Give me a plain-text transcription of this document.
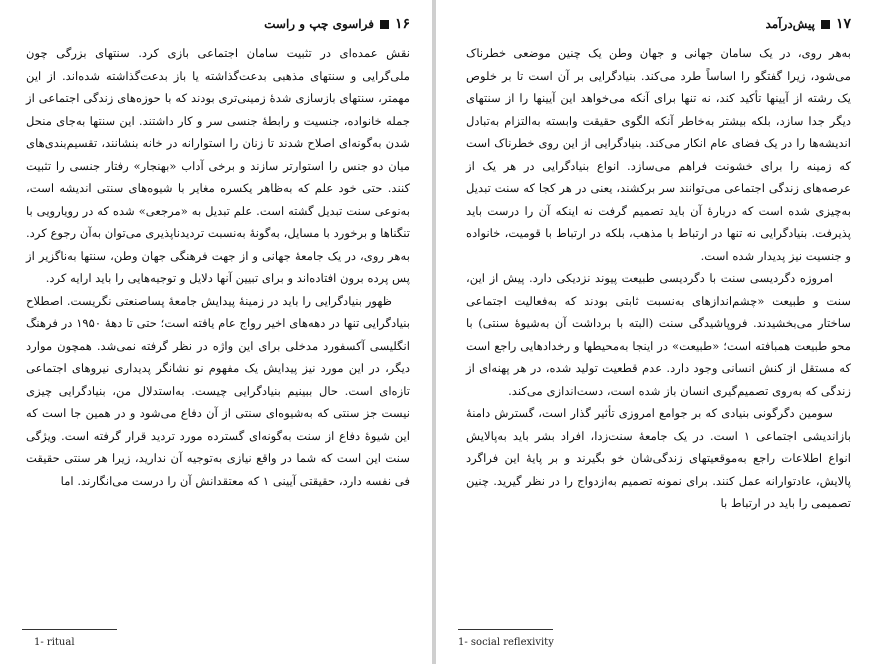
۱۶
فراسوی چپ و راست

نقش عمده‌ای در تثبیت سامان اجتماعی بازی کرد. سنتهای بزرگی چون ملی‌گرایی و سنتهای مذهبی بدعت‌گذاشته یا باز بدعت‌گذاشته شده‌اند. از این مهمتر، سنتهای بازسازی شدهٔ زمینی‌تری بودند که با حوزه‌های زندگی اجتماعی از جمله خانواده، جنسیت و رابطهٔ جنسی سر و کار داشتند. این سنتها به‌جای منحل شدن به‌گونه‌ای اصلاح شدند تا زنان را استوارانه در خانه بنشانند، تقسیم‌بندی‌های میان دو جنس را استوارتر سازند و برخی آداب «بهنجار» رفتار جنسی را تثبیت کنند. حتی خود علم که به‌ظاهر یکسره مغایر با شیوه‌های سنتی اندیشه است، به‌نوعی سنت تبدیل گشته است. علم تبدیل به «مرجعی» شده که در رویارویی با تنگناها و برخورد با مسایل، به‌گونهٔ به‌نسبت تردیدناپذیری می‌توان به‌آن رجوع کرد. به‌هر روی، در یک جامعهٔ جهانی و از جهت فرهنگی جهان وطن، سنتها به‌ناگزیر از پس پرده برون افتاده‌اند و برای تبیین آنها دلایل و توجیه‌هایی را باید ارایه کرد.

ظهور بنیادگرایی را باید در زمینهٔ پیدایش جامعهٔ پساصنعتی نگریست. اصطلاح بنیادگرایی تنها در دهه‌های اخیر رواج عام یافته است؛ حتی تا دههٔ ۱۹۵۰ در فرهنگ انگلیسی آکسفورد مدخلی برای این واژه در نظر گرفته نمی‌شد. همچون موارد دیگر، در این مورد نیز پیدایش یک مفهوم نو نشانگر پدیداری نیروهای اجتماعی تازه‌ای است. حال ببینیم بنیادگرایی چیست. به‌استدلال من، بنیادگرایی چیزی نیست جز سنتی که به‌شیوه‌ای سنتی از آن دفاع می‌شود و در همین جا است که این شیوهٔ دفاع از سنت به‌گونه‌ای گسترده مورد تردید قرار گرفته است. ویژگی سنت این است که شما در واقع نیازی به‌توجیه آن ندارید، زیرا هر سنتی حقیقت فی نفسه دارد، حقیقتی آیینی ۱ که معتقدانش آن را درست می‌انگارند. اما

1- ritual
۱۷
پیش‌درآمد

به‌هر روی، در یک سامان جهانی و جهان وطن یک چنین موضعی خطرناک می‌شود، زیرا گفتگو را اساساً طرد می‌کند. بنیادگرایی بر آن است تا بر خلوص یک رشته از آیینها تأکید کند، نه تنها برای آنکه می‌خواهد این آیینها را از سنتهای دیگر جدا سازد، بلکه بیشتر به‌خاطر آنکه الگوی حقیقت وابسته به‌التزام به‌تبادل اندیشه‌ها را در یک فضای عام انکار می‌کند. بنیادگرایی از این روی خطرناک است که زمینه را برای خشونت فراهم می‌سازد. انواع بنیادگرایی در هر یک از عرصه‌های زندگی اجتماعی می‌توانند سر برکشند، یعنی در هر کجا که سنت تبدیل به‌چیزی شده است که دربارهٔ آن باید تصمیم گرفت نه اینکه آن را درست باید پذیرفت. بنیادگرایی نه تنها در ارتباط با مذهب، بلکه در ارتباط با قومیت، خانواده و جنسیت نیز پدیدار شده است.

امروزه دگردیسی سنت با دگردیسی طبیعت پیوند نزدیکی دارد. پیش از این، سنت و طبیعت «چشم‌اندازهای به‌نسبت ثابتی بودند که به‌فعالیت اجتماعی ساختار می‌بخشیدند. فروپاشیدگی سنت (البته با برداشت آن به‌شیوهٔ سنتی) با محو طبیعت همبافته است؛ «طبیعت» در اینجا به‌محیطها و رخدادهایی راجع است که مستقل از کنش انسانی وجود دارد. عدم قطعیت تولید شده، در هر پهنه‌ای از زندگی که به‌روی تصمیم‌گیری انسان باز شده است، دست‌اندازی می‌کند.

سومین دگرگونی بنیادی که بر جوامع امروزی تأثیر گذار است، گسترش دامنهٔ بازاندیشی اجتماعی ۱ است. در یک جامعهٔ سنت‌زدا، افراد بشر باید به‌پالایش انواع اطلاعات راجع به‌موقعیتهای زندگی‌شان خو بگیرند و بر پایهٔ این فراگرد پالایش، عادتوارانه عمل کنند. برای نمونه تصمیم به‌ازدواج را در نظر گیرید. چنین تصمیمی را باید در ارتباط با

1- social reflexivity
